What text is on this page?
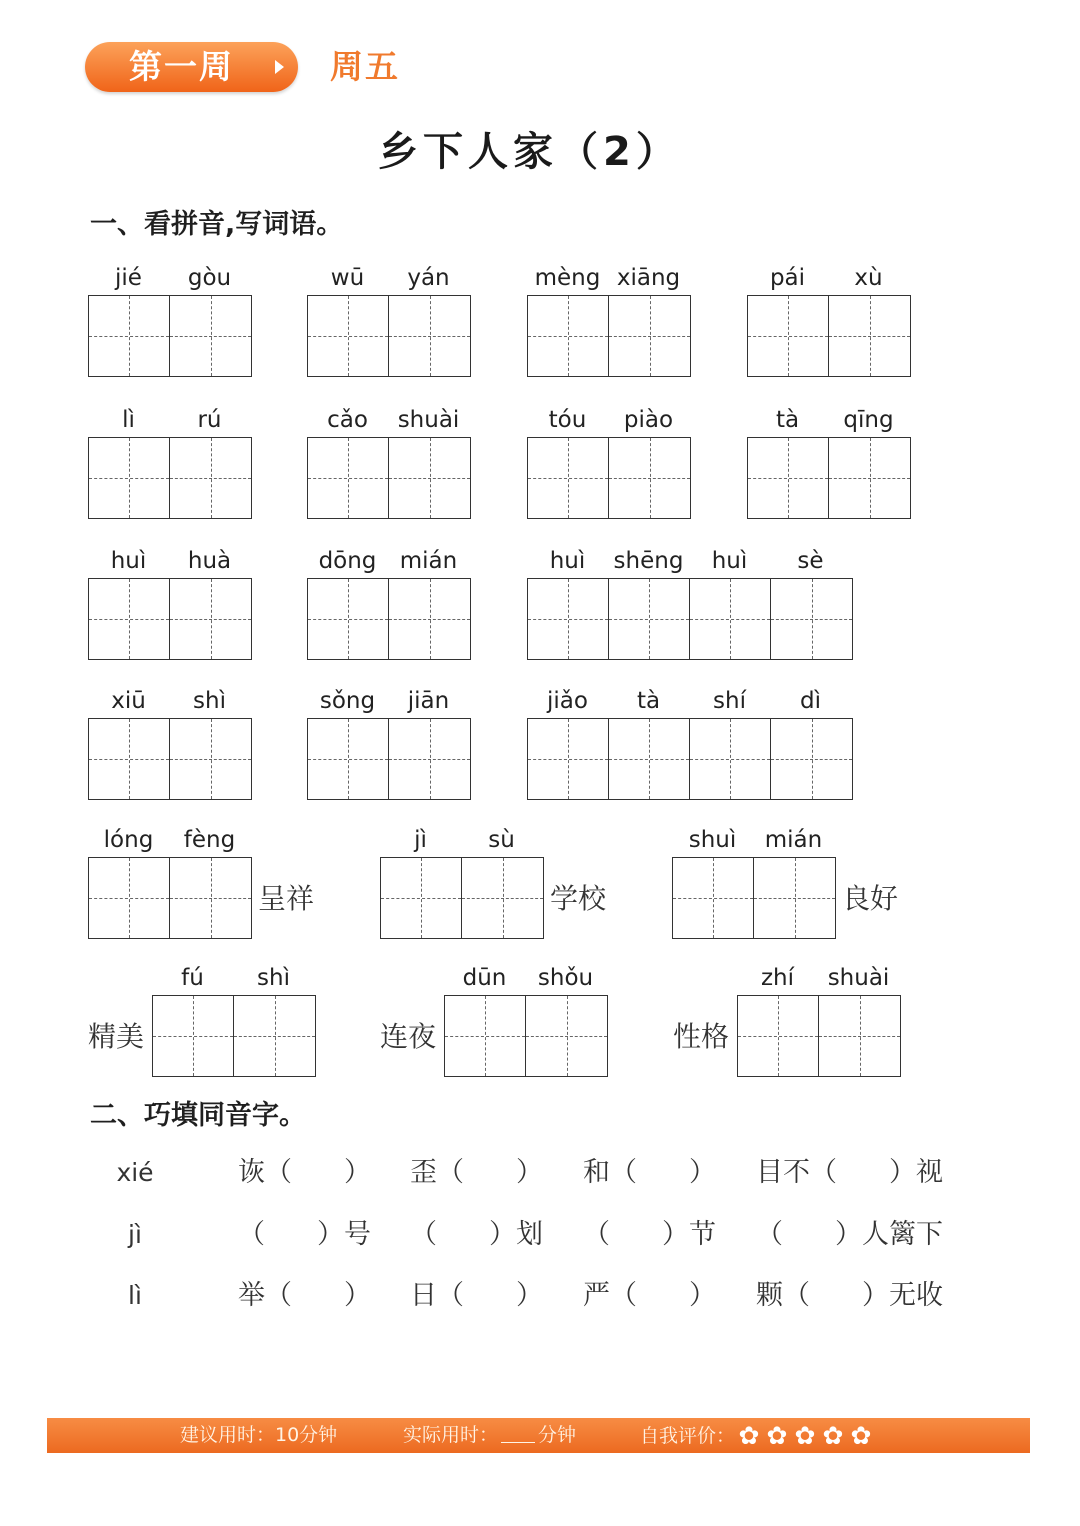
第一周	周五
乡下人家（2）
一、看拼音,写词语。
jié	gòu	wū	yán	mèng xiāng	pái	xù
lì	rú	cǎo	shuài	tóu	piào	tà	qīng
huì	huà	dōng	mián	huì	shēng	huì	sè
xiū	shì	sǒng	jiān	jiǎo	tà	shí	dì
lóng	fèng
呈祥
jì	sù
学校
shuì	mián
良好
fú	shì
精美
dūn	shǒu
连夜
zhí	shuài
性格
二、巧填同音字。
xié	诙（ ） 歪（ ） 和（ ） 目不（ ）视
jì	（ ）号 （ ）划 （ ）节 （ ）人篱下
lì	举（ ） 日（ ） 严（ ） 颗（ ）无收
建议用时：10分钟	实际用时： 分钟	自我评价：✿✿✿✿✿
